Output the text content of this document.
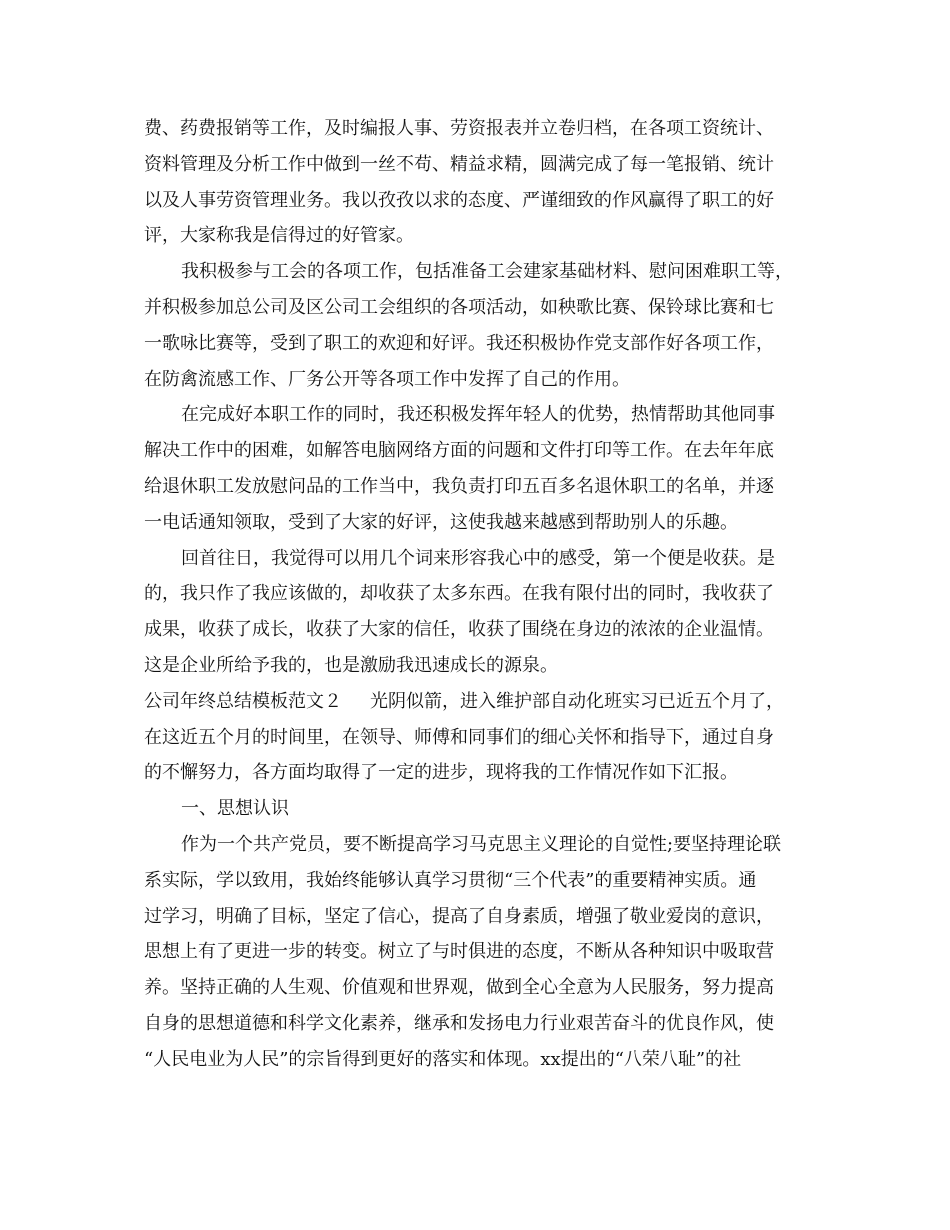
费、药费报销等工作，及时编报人事、劳资报表并立卷归档，在各项工资统计、
资料管理及分析工作中做到一丝不苟、精益求精，圆满完成了每一笔报销、统计
以及人事劳资管理业务。我以孜孜以求的态度、严谨细致的作风赢得了职工的好
评，大家称我是信得过的好管家。
我积极参与工会的各项工作，包括准备工会建家基础材料、慰问困难职工等，
并积极参加总公司及区公司工会组织的各项活动，如秧歌比赛、保铃球比赛和七
一歌咏比赛等，受到了职工的欢迎和好评。我还积极协作党支部作好各项工作，
在防禽流感工作、厂务公开等各项工作中发挥了自己的作用。
在完成好本职工作的同时，我还积极发挥年轻人的优势，热情帮助其他同事
解决工作中的困难，如解答电脑网络方面的问题和文件打印等工作。在去年年底
给退休职工发放慰问品的工作当中，我负责打印五百多名退休职工的名单，并逐
一电话通知领取，受到了大家的好评，这使我越来越感到帮助别人的乐趣。
回首往日，我觉得可以用几个词来形容我心中的感受，第一个便是收获。是
的，我只作了我应该做的，却收获了太多东西。在我有限付出的同时，我收获了
成果，收获了成长，收获了大家的信任，收获了围绕在身边的浓浓的企业温情。
这是企业所给予我的，也是激励我迅速成长的源泉。
公司年终总结模板范文２ 光阴似箭，进入维护部自动化班实习已近五个月了，
在这近五个月的时间里，在领导、师傅和同事们的细心关怀和指导下，通过自身
的不懈努力，各方面均取得了一定的进步，现将我的工作情况作如下汇报。
一、思想认识
作为一个共产党员，要不断提高学习马克思主义理论的自觉性;要坚持理论联
系实际，学以致用，我始终能够认真学习贯彻“三个代表”的重要精神实质。通
过学习，明确了目标，坚定了信心，提高了自身素质，增强了敬业爱岗的意识，
思想上有了更进一步的转变。树立了与时俱进的态度，不断从各种知识中吸取营
养。坚持正确的人生观、价值观和世界观，做到全心全意为人民服务，努力提高
自身的思想道德和科学文化素养，继承和发扬电力行业艰苦奋斗的优良作风，使
“人民电业为人民”的宗旨得到更好的落实和体现。xx提出的“八荣八耻”的社
